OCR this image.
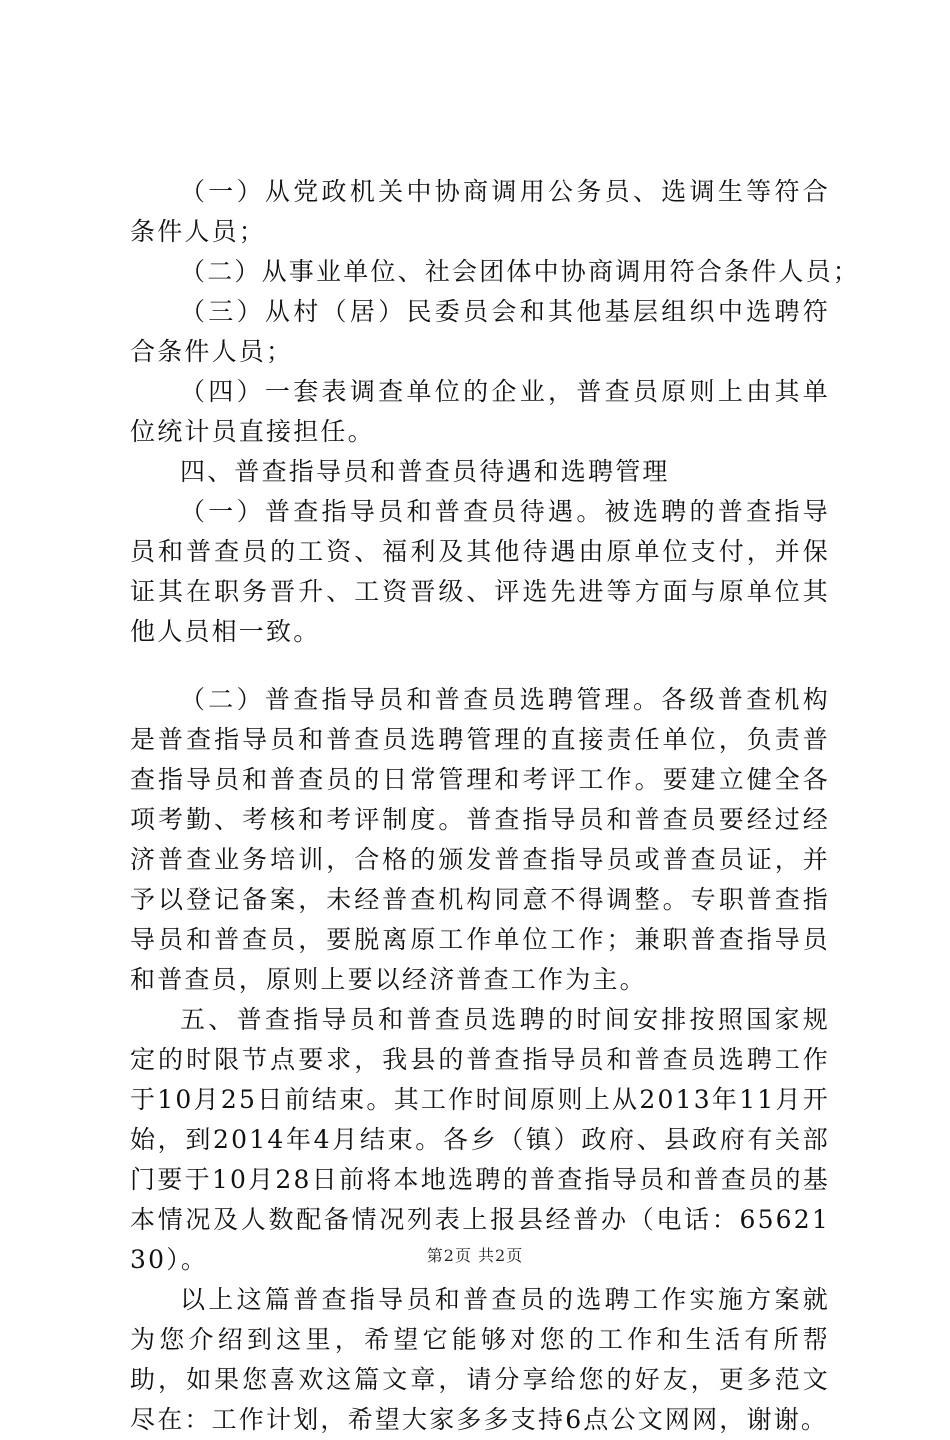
（一）从党政机关中协商调用公务员、选调生等符合条件人员；

（二）从事业单位、社会团体中协商调用符合条件人员；

（三）从村（居）民委员会和其他基层组织中选聘符合条件人员；

（四）一套表调查单位的企业，普查员原则上由其单位统计员直接担任。

四、普查指导员和普查员待遇和选聘管理

（一）普查指导员和普查员待遇。被选聘的普查指导员和普查员的工资、福利及其他待遇由原单位支付，并保证其在职务晋升、工资晋级、评选先进等方面与原单位其他人员相一致。

（二）普查指导员和普查员选聘管理。各级普查机构是普查指导员和普查员选聘管理的直接责任单位，负责普查指导员和普查员的日常管理和考评工作。要建立健全各项考勤、考核和考评制度。普查指导员和普查员要经过经济普查业务培训，合格的颁发普查指导员或普查员证，并予以登记备案，未经普查机构同意不得调整。专职普查指导员和普查员，要脱离原工作单位工作；兼职普查指导员和普查员，原则上要以经济普查工作为主。

五、普查指导员和普查员选聘的时间安排按照国家规定的时限节点要求，我县的普查指导员和普查员选聘工作于10月25日前结束。其工作时间原则上从2013年11月开始，到2014年4月结束。各乡（镇）政府、县政府有关部门要于10月28日前将本地选聘的普查指导员和普查员的基本情况及人数配备情况列表上报县经普办（电话：6562130）。

以上这篇普查指导员和普查员的选聘工作实施方案就为您介绍到这里，希望它能够对您的工作和生活有所帮助，如果您喜欢这篇文章，请分享给您的好友，更多范文尽在：工作计划，希望大家多多支持6点公文网网，谢谢。

第2页 共2页
